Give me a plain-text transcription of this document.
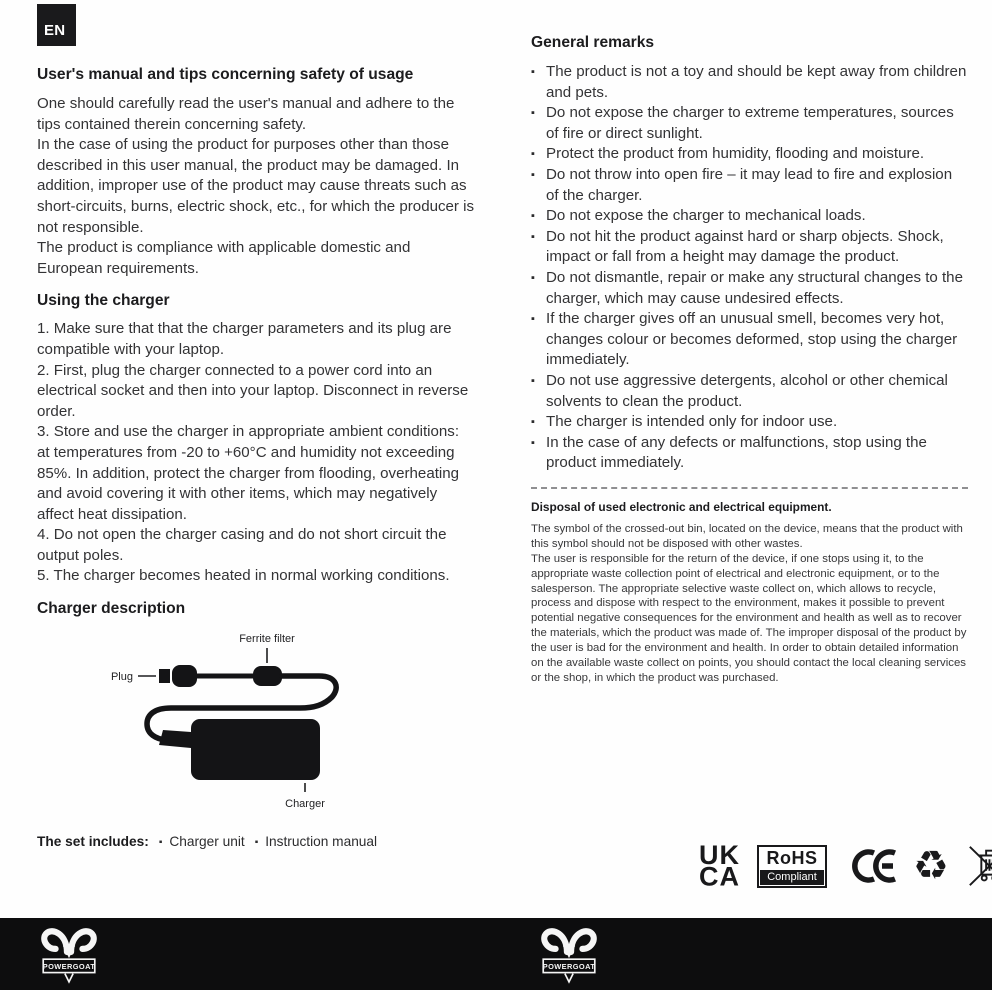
EN
User's manual and tips concerning safety of usage
One should carefully read the user's manual and adhere to the tips contained therein concerning safety.
In the case of using the product for purposes other than those described in this user manual, the product may be damaged. In addition, improper use of the product may cause threats such as short-circuits, burns, electric shock, etc., for which the producer is not responsible.
The product is compliance with applicable domestic and European requirements.
Using the charger
1. Make sure that that the charger parameters and its plug are compatible with your laptop.
2. First, plug the charger connected to a power cord into an electrical socket and then into your laptop. Disconnect in reverse order.
3. Store and use the charger in appropriate ambient conditions: at temperatures from -20 to +60°C and humidity not exceeding 85%. In addition, protect the charger from flooding, overheating and avoid covering it with other items, which may negatively affect heat dissipation.
4. Do not open the charger casing and do not short circuit the output poles.
5. The charger becomes heated in normal working conditions.
Charger description
Ferrite filter
Plug
Charger
The set includes: ▪ Charger unit ▪ Instruction manual
General remarks
▪ The product is not a toy and should be kept away from children and pets.
▪ Do not expose the charger to extreme temperatures, sources of fire or direct sunlight.
▪ Protect the product from humidity, flooding and moisture.
▪ Do not throw into open fire – it may lead to fire and explosion of the charger.
▪ Do not expose the charger to mechanical loads.
▪ Do not hit the product against hard or sharp objects. Shock, impact or fall from a height may damage the product.
▪ Do not dismantle, repair or make any structural changes to the charger, which may cause undesired effects.
▪ If the charger gives off an unusual smell, becomes very hot, changes colour or becomes deformed, stop using the charger immediately.
▪ Do not use aggressive detergents, alcohol or other chemical solvents to clean the product.
▪ The charger is intended only for indoor use.
▪ In the case of any defects or malfunctions, stop using the product immediately.
Disposal of used electronic and electrical equipment.
The symbol of the crossed-out bin, located on the device, means that the product with this symbol should not be disposed with other wastes.
The user is responsible for the return of the device, if one stops using it, to the appropriate waste collection point of electrical and electronic equipment, or to the salesperson. The appropriate selective waste collect on, which allows to recycle, process and dispose with respect to the environment, makes it possible to prevent potential negative consequences for the environment and health as well as to recover the materials, which the product was made of. The improper disposal of the product by the user is bad for the environment and health. In order to obtain detailed information on the available waste collect on points, you should contact the local cleaning services or the shop, in which the product was purchased.
UK
CA
RoHS
Compliant ♻
POWERGOAT	POWERGOAT
